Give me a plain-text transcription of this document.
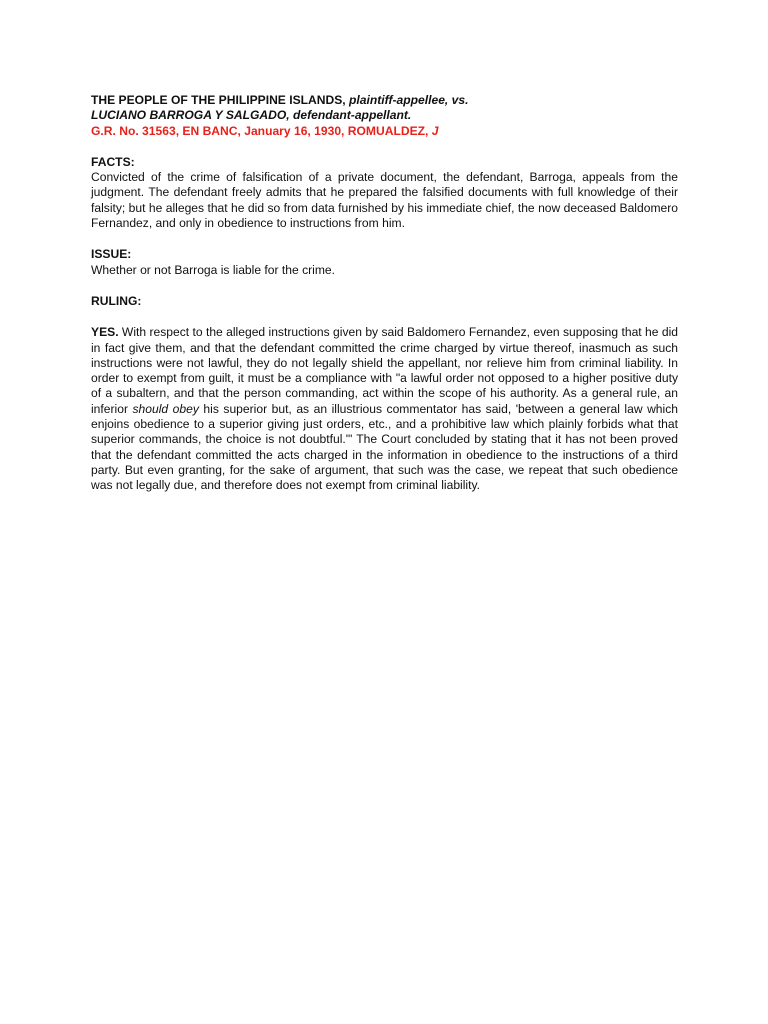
THE PEOPLE OF THE PHILIPPINE ISLANDS, plaintiff-appellee, vs.
LUCIANO BARROGA Y SALGADO, defendant-appellant.
G.R. No. 31563, EN BANC, January 16, 1930, ROMUALDEZ, J
FACTS:
Convicted of the crime of falsification of a private document, the defendant, Barroga, appeals from the judgment. The defendant freely admits that he prepared the falsified documents with full knowledge of their falsity; but he alleges that he did so from data furnished by his immediate chief, the now deceased Baldomero Fernandez, and only in obedience to instructions from him.
ISSUE:
Whether or not Barroga is liable for the crime.
RULING:
YES. With respect to the alleged instructions given by said Baldomero Fernandez, even supposing that he did in fact give them, and that the defendant committed the crime charged by virtue thereof, inasmuch as such instructions were not lawful, they do not legally shield the appellant, nor relieve him from criminal liability. In order to exempt from guilt, it must be a compliance with "a lawful order not opposed to a higher positive duty of a subaltern, and that the person commanding, act within the scope of his authority. As a general rule, an inferior should obey his superior but, as an illustrious commentator has said, 'between a general law which enjoins obedience to a superior giving just orders, etc., and a prohibitive law which plainly forbids what that superior commands, the choice is not doubtful.'" The Court concluded by stating that it has not been proved that the defendant committed the acts charged in the information in obedience to the instructions of a third party. But even granting, for the sake of argument, that such was the case, we repeat that such obedience was not legally due, and therefore does not exempt from criminal liability.
